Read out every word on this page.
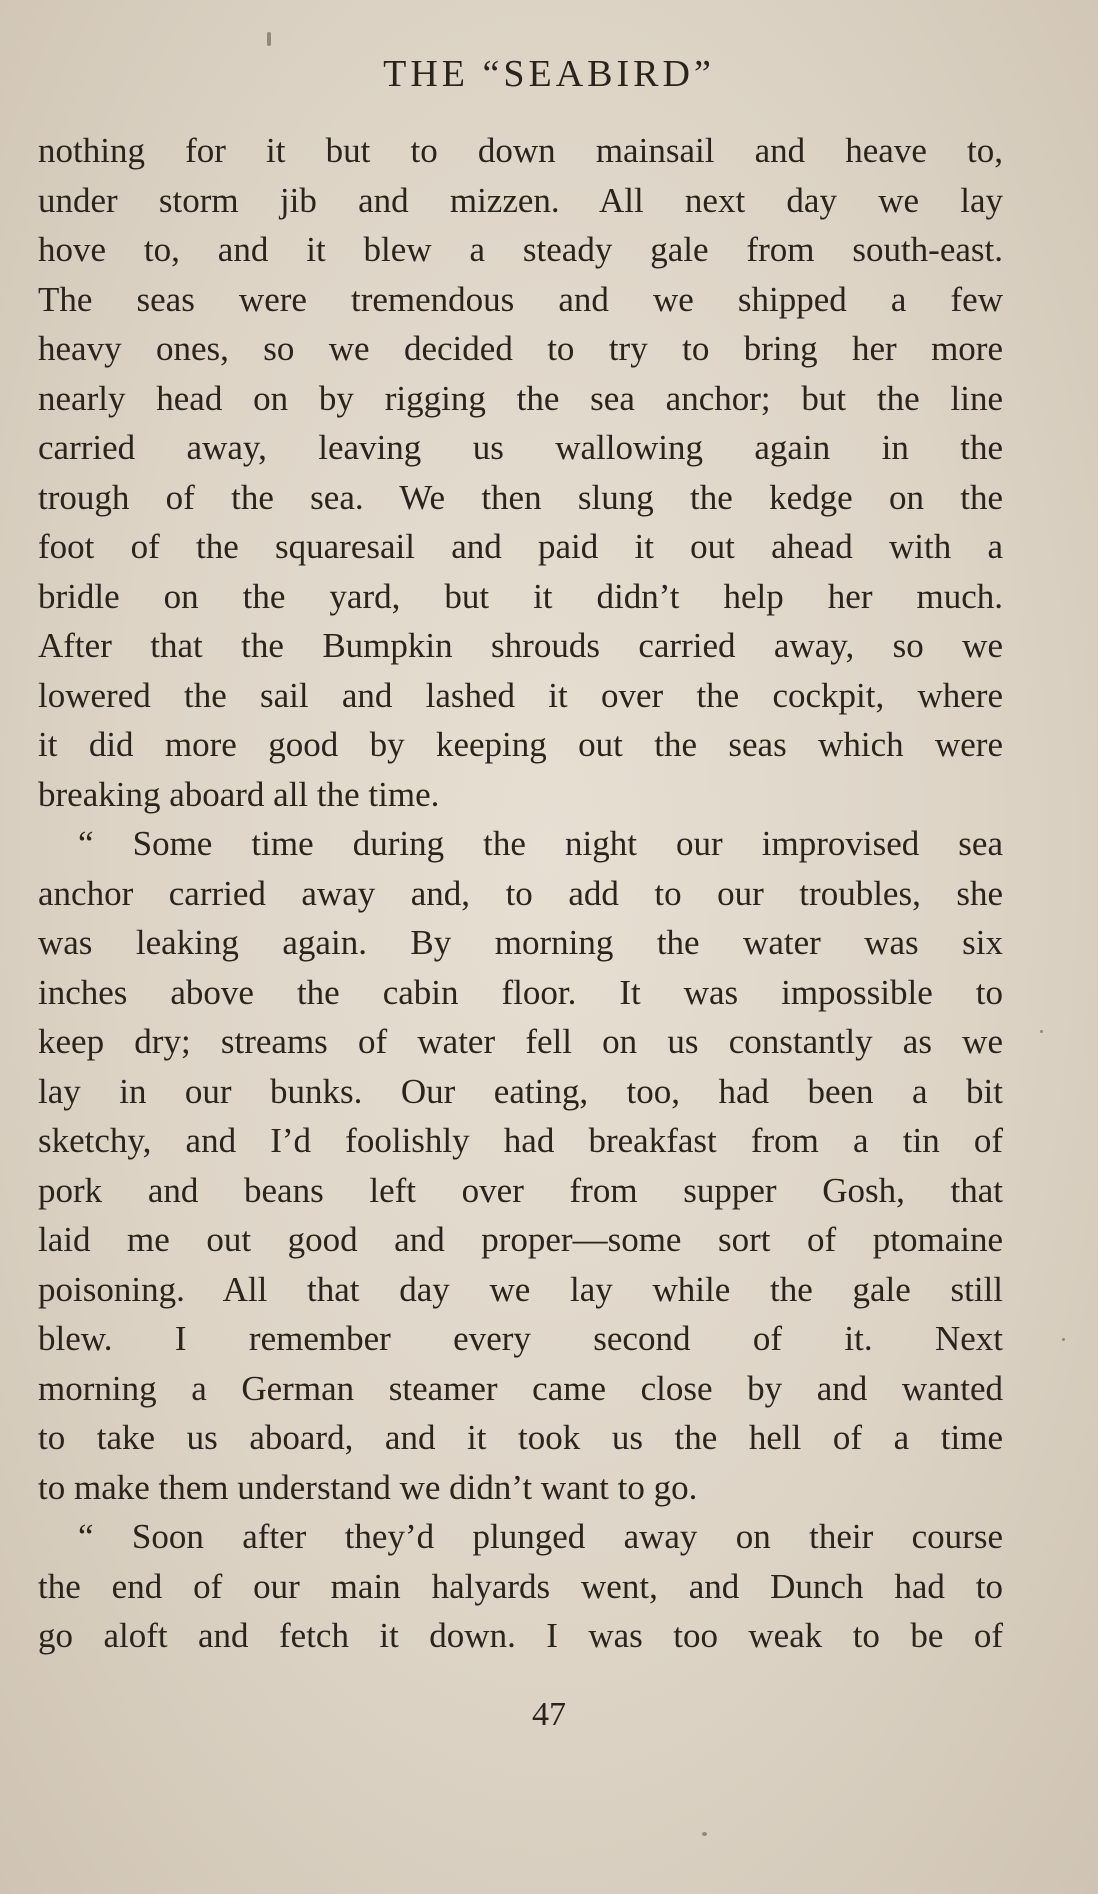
THE “SEABIRD”
nothing for it but to down mainsail and heave to,
under storm jib and mizzen. All next day we lay
hove to, and it blew a steady gale from south-east.
The seas were tremendous and we shipped a few
heavy ones, so we decided to try to bring her more
nearly head on by rigging the sea anchor; but the line
carried away, leaving us wallowing again in the
trough of the sea. We then slung the kedge on the
foot of the squaresail and paid it out ahead with a
bridle on the yard, but it didn’t help her much.
After that the Bumpkin shrouds carried away, so we
lowered the sail and lashed it over the cockpit, where
it did more good by keeping out the seas which were
breaking aboard all the time.
“ Some time during the night our improvised sea
anchor carried away and, to add to our troubles, she
was leaking again. By morning the water was six
inches above the cabin floor. It was impossible to
keep dry; streams of water fell on us constantly as we
lay in our bunks. Our eating, too, had been a bit
sketchy, and I’d foolishly had breakfast from a tin of
pork and beans left over from supper Gosh, that
laid me out good and proper—some sort of ptomaine
poisoning. All that day we lay while the gale still
blew. I remember every second of it. Next
morning a German steamer came close by and wanted
to take us aboard, and it took us the hell of a time
to make them understand we didn’t want to go.
“ Soon after they’d plunged away on their course
the end of our main halyards went, and Dunch had to
go aloft and fetch it down. I was too weak to be of
47
